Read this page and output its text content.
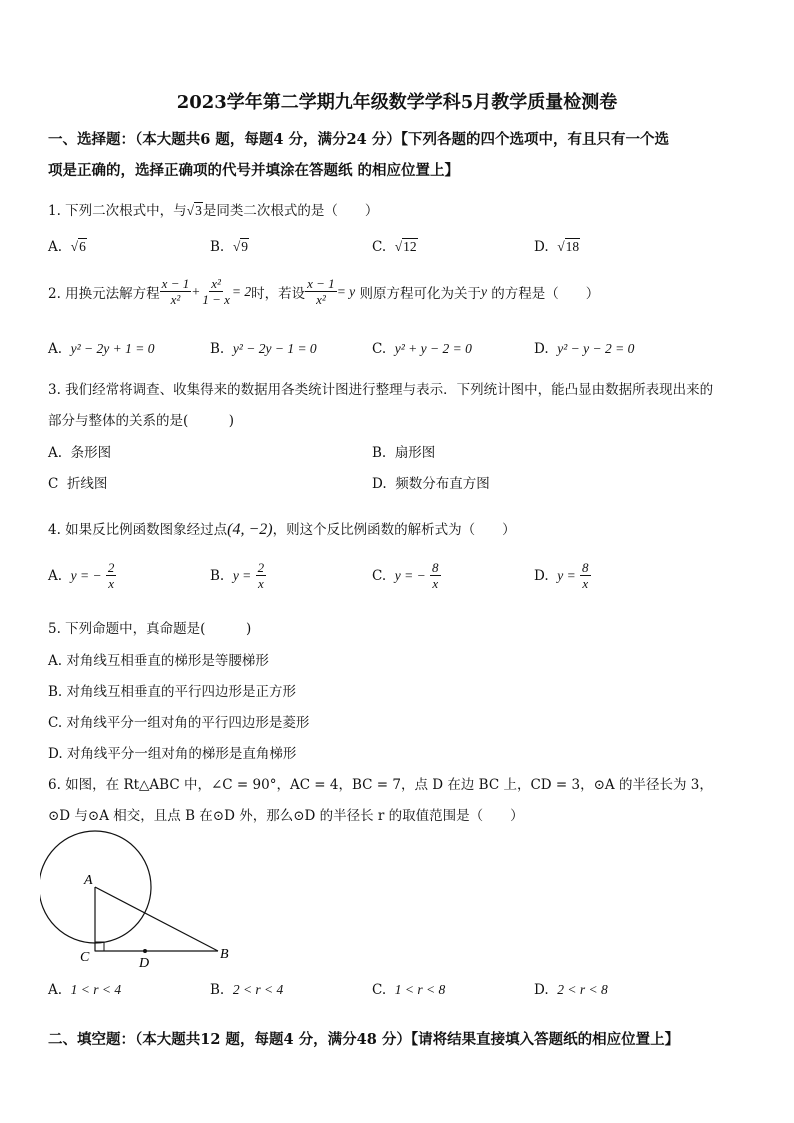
2023学年第二学期九年级数学学科5月教学质量检测卷
一、选择题：（本大题共6 题，每题4 分，满分24 分）【下列各题的四个选项中，有且只有一个选
项是正确的，选择正确项的代号并填涂在答题纸 的相应位置上】
1. 下列二次根式中，与√3是同类二次根式的是（　　）
A. √6	B. √9	C. √12	D. √18
2. 用换元法解方程 $\frac{x - 1}{\text{x²}} + \frac{\text{x²}}{1 - x} = 2$ 时，若设 $\frac{x - 1}{\text{x²}} = y$
则原方程可化为关于 y
的方程是（　　）
A. y² − 2y + 1 = 0	B. y² − 2y − 1 = 0	C. y² + y − 2 = 0	D. y² − y − 2 = 0
3. 我们经常将调查、收集得来的数据用各类统计图进行整理与表示．下列统计图中，能凸显由数据所表现出来的
部分与整体的关系的是(　　　)
A. 条形图	B. 扇形图
C 折线图	D. 频数分布直方图
4. 如果反比例函数图象经过点(4, −2)，则这个反比例函数的解析式为（　　）
A.
y = −
$\frac{2}{x}$	B.
y =
$\frac{2}{x}$	C.
y = −
$\frac{8}{x}$	D.
y =
$\frac{8}{x}$
5. 下列命题中，真命题是(　　　)
A. 对角线互相垂直的梯形是等腰梯形
B. 对角线互相垂直的平行四边形是正方形
C. 对角线平分一组对角的平行四边形是菱形
D. 对角线平分一组对角的梯形是直角梯形
6. 如图，在 Rt△ABC 中，∠C = 90°，AC = 4，BC = 7，点 D 在边 BC 上，CD = 3，⊙A 的半径长为 3，
⊙D 与⊙A 相交，且点 B 在⊙D 外，那么⊙D 的半径长 r 的取值范围是（　　）
A
B
C	D
A. 1 < r < 4	B. 2 < r < 4	C. 1 < r < 8	D. 2 < r < 8
二、填空题：（本大题共12 题，每题4 分，满分48 分）【请将结果直接填入答题纸的相应位置上】
